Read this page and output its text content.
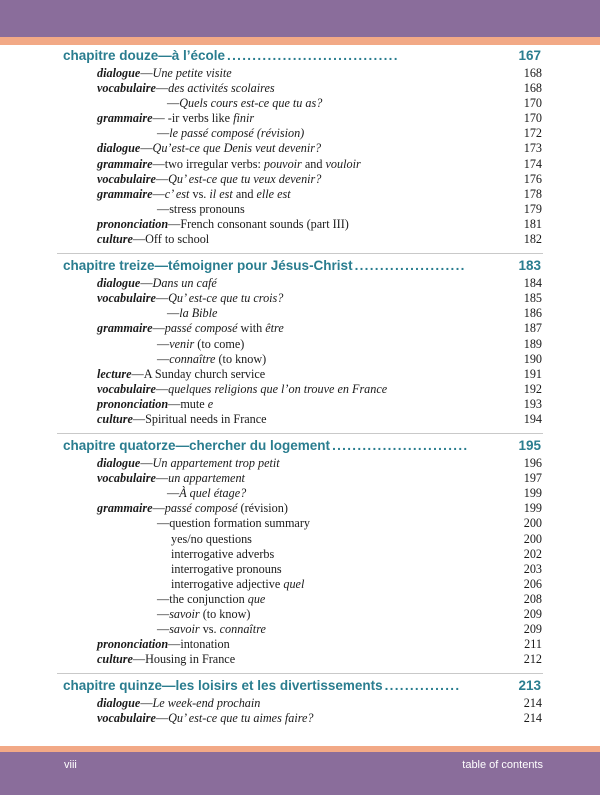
chapitre douze—à l’école ..................................	167
dialogue—Une petite visite	168
vocabulaire—des activités scolaires	168
—Quels cours est-ce que tu as?	170
grammaire— -ir verbs like finir	170
—le passé composé (révision)	172
dialogue—Qu’est-ce que Denis veut devenir?	173
grammaire—two irregular verbs: pouvoir and vouloir	174
vocabulaire—Qu’ est-ce que tu veux devenir?	176
grammaire—c’ est vs. il est and elle est	178
—stress pronouns	179
prononciation—French consonant sounds (part III)	181
culture—Off to school	182
chapitre treize—témoigner pour Jésus-Christ ......................	183
dialogue—Dans un café	184
vocabulaire—Qu’ est-ce que tu crois?	185
—la Bible	186
grammaire—passé composé with être	187
—venir (to come)	189
—connaître (to know)	190
lecture—A Sunday church service	191
vocabulaire—quelques religions que l’on trouve en France	192
prononciation—mute e	193
culture—Spiritual needs in France	194
chapitre quatorze—chercher du logement ...........................	195
dialogue—Un appartement trop petit	196
vocabulaire—un appartement	197
—À quel étage?	199
grammaire—passé composé (révision)	199
—question formation summary	200
yes/no questions	200
interrogative adverbs	202
interrogative pronouns	203
interrogative adjective quel	206
—the conjunction que	208
—savoir (to know)	209
—savoir vs. connaître	209
prononciation—intonation	211
culture—Housing in France	212
chapitre quinze—les loisirs et les divertissements ...............	213
dialogue—Le week-end prochain	214
vocabulaire—Qu’ est-ce que tu aimes faire?	214
viii	table of contents
